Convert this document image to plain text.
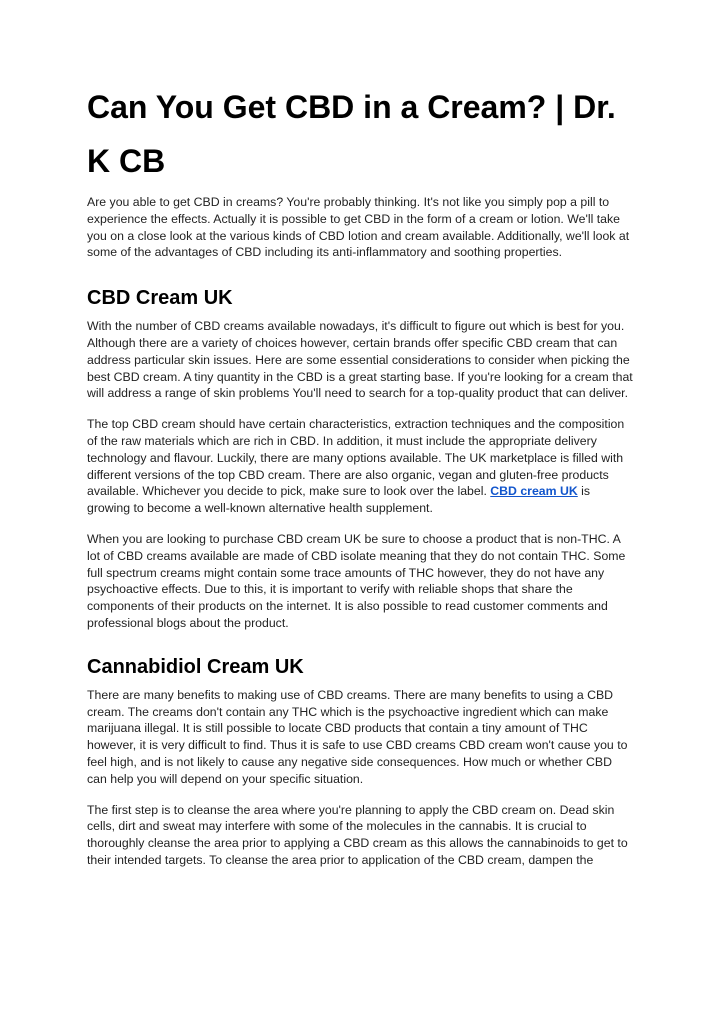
Can You Get CBD in a Cream? | Dr. K CB

Are you able to get CBD in creams? You're probably thinking. It's not like you simply pop a pill to experience the effects. Actually it is possible to get CBD in the form of a cream or lotion. We'll take you on a close look at the various kinds of CBD lotion and cream available. Additionally, we'll look at some of the advantages of CBD including its anti-inflammatory and soothing properties.

CBD Cream UK

With the number of CBD creams available nowadays, it's difficult to figure out which is best for you. Although there are a variety of choices however, certain brands offer specific CBD cream that can address particular skin issues. Here are some essential considerations to consider when picking the best CBD cream. A tiny quantity in the CBD is a great starting base. If you're looking for a cream that will address a range of skin problems You'll need to search for a top-quality product that can deliver.

The top CBD cream should have certain characteristics, extraction techniques and the composition of the raw materials which are rich in CBD. In addition, it must include the appropriate delivery technology and flavour. Luckily, there are many options available. The UK marketplace is filled with different versions of the top CBD cream. There are also organic, vegan and gluten-free products available. Whichever you decide to pick, make sure to look over the label. CBD cream UK is growing to become a well-known alternative health supplement.

When you are looking to purchase CBD cream UK be sure to choose a product that is non-THC. A lot of CBD creams available are made of CBD isolate meaning that they do not contain THC. Some full spectrum creams might contain some trace amounts of THC however, they do not have any psychoactive effects. Due to this, it is important to verify with reliable shops that share the components of their products on the internet. It is also possible to read customer comments and professional blogs about the product.

Cannabidiol Cream UK

There are many benefits to making use of CBD creams. There are many benefits to using a CBD cream. The creams don't contain any THC which is the psychoactive ingredient which can make marijuana illegal. It is still possible to locate CBD products that contain a tiny amount of THC however, it is very difficult to find. Thus it is safe to use CBD creams CBD cream won't cause you to feel high, and is not likely to cause any negative side consequences. How much or whether CBD can help you will depend on your specific situation.

The first step is to cleanse the area where you're planning to apply the CBD cream on. Dead skin cells, dirt and sweat may interfere with some of the molecules in the cannabis. It is crucial to thoroughly cleanse the area prior to applying a CBD cream as this allows the cannabinoids to get to their intended targets. To cleanse the area prior to application of the CBD cream, dampen the
